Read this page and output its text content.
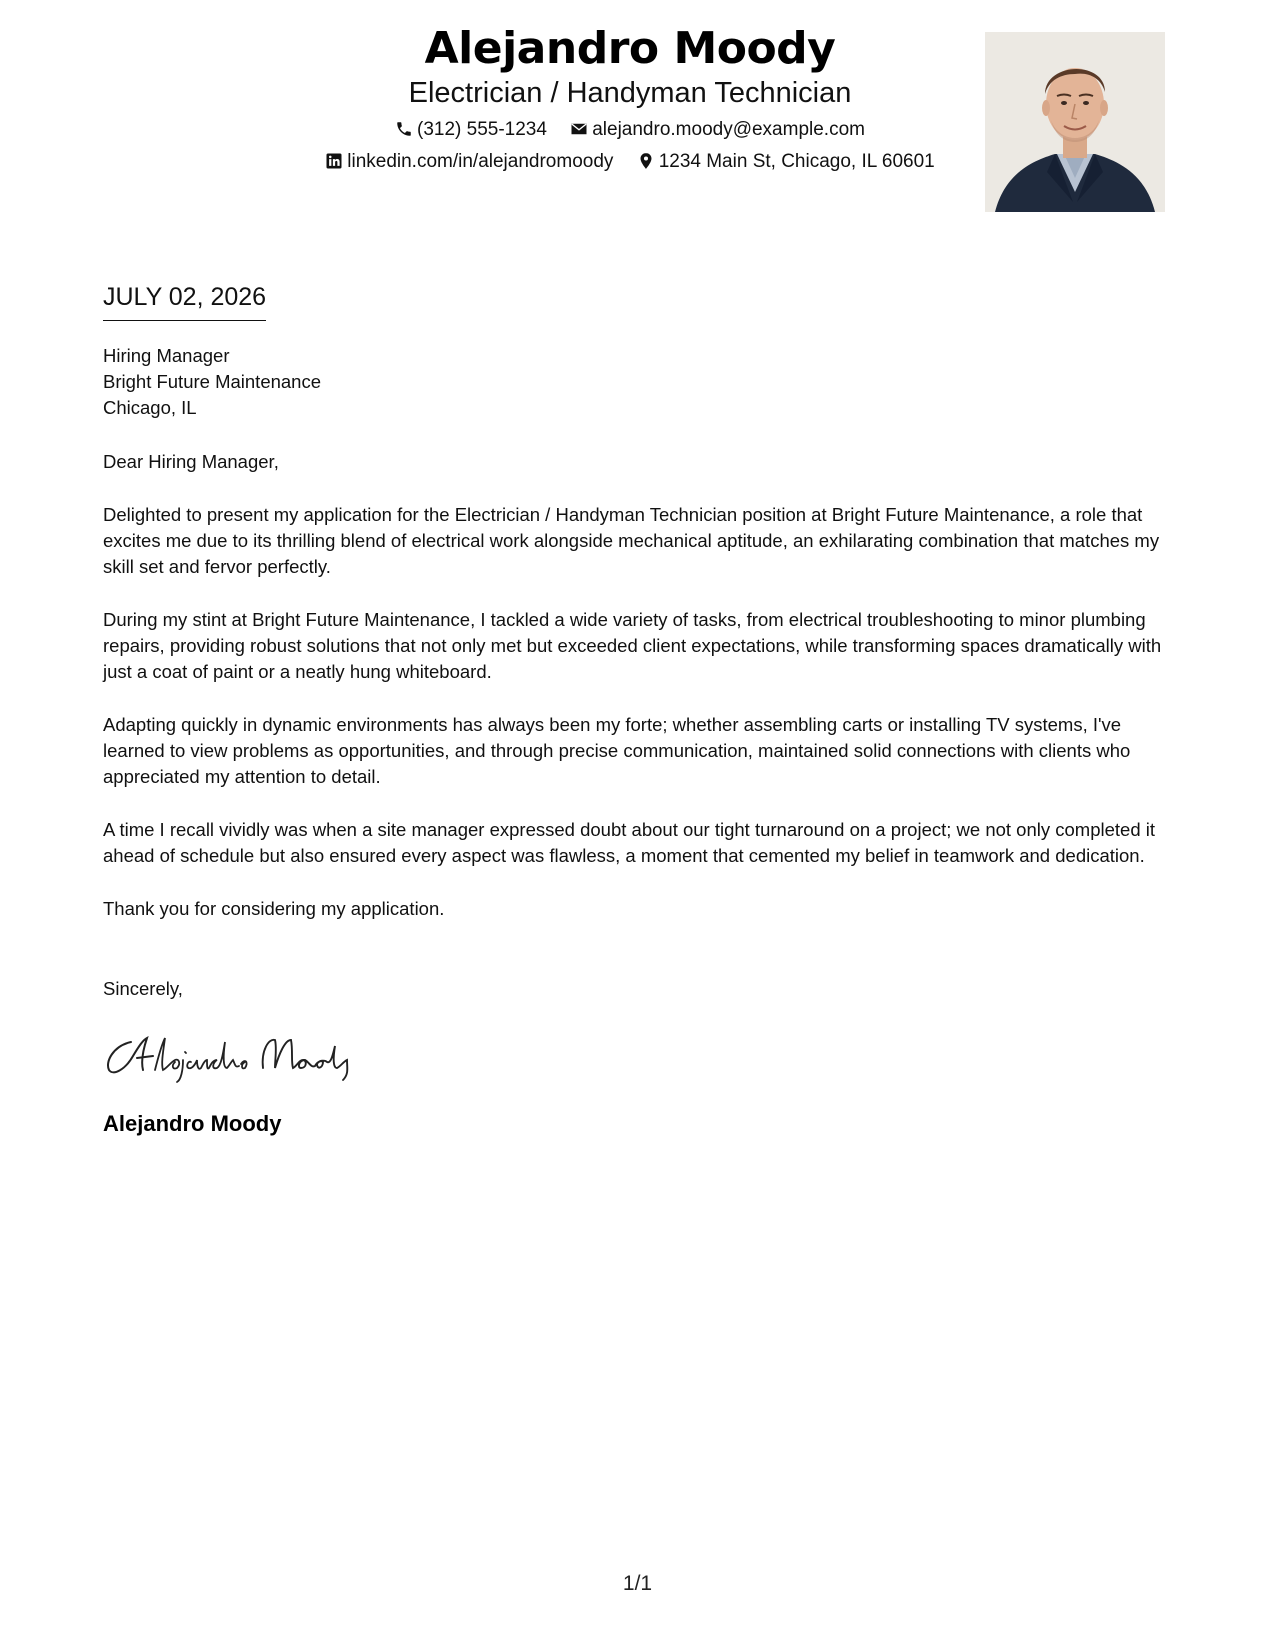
Alejandro Moody
Electrician / Handyman Technician
(312) 555-1234 alejandro.moody@example.com
linkedin.com/in/alejandromoody 1234 Main St, Chicago, IL 60601
JULY 02, 2026
Hiring Manager
Bright Future Maintenance
Chicago, IL
Dear Hiring Manager,
Delighted to present my application for the Electrician / Handyman Technician position at Bright Future Maintenance, a role that excites me due to its thrilling blend of electrical work alongside mechanical aptitude, an exhilarating combination that matches my skill set and fervor perfectly.
During my stint at Bright Future Maintenance, I tackled a wide variety of tasks, from electrical troubleshooting to minor plumbing repairs, providing robust solutions that not only met but exceeded client expectations, while transforming spaces dramatically with just a coat of paint or a neatly hung whiteboard.
Adapting quickly in dynamic environments has always been my forte; whether assembling carts or installing TV systems, I've learned to view problems as opportunities, and through precise communication, maintained solid connections with clients who appreciated my attention to detail.
A time I recall vividly was when a site manager expressed doubt about our tight turnaround on a project; we not only completed it ahead of schedule but also ensured every aspect was flawless, a moment that cemented my belief in teamwork and dedication.
Thank you for considering my application.
Sincerely,
Alejandro Moody
1/1
